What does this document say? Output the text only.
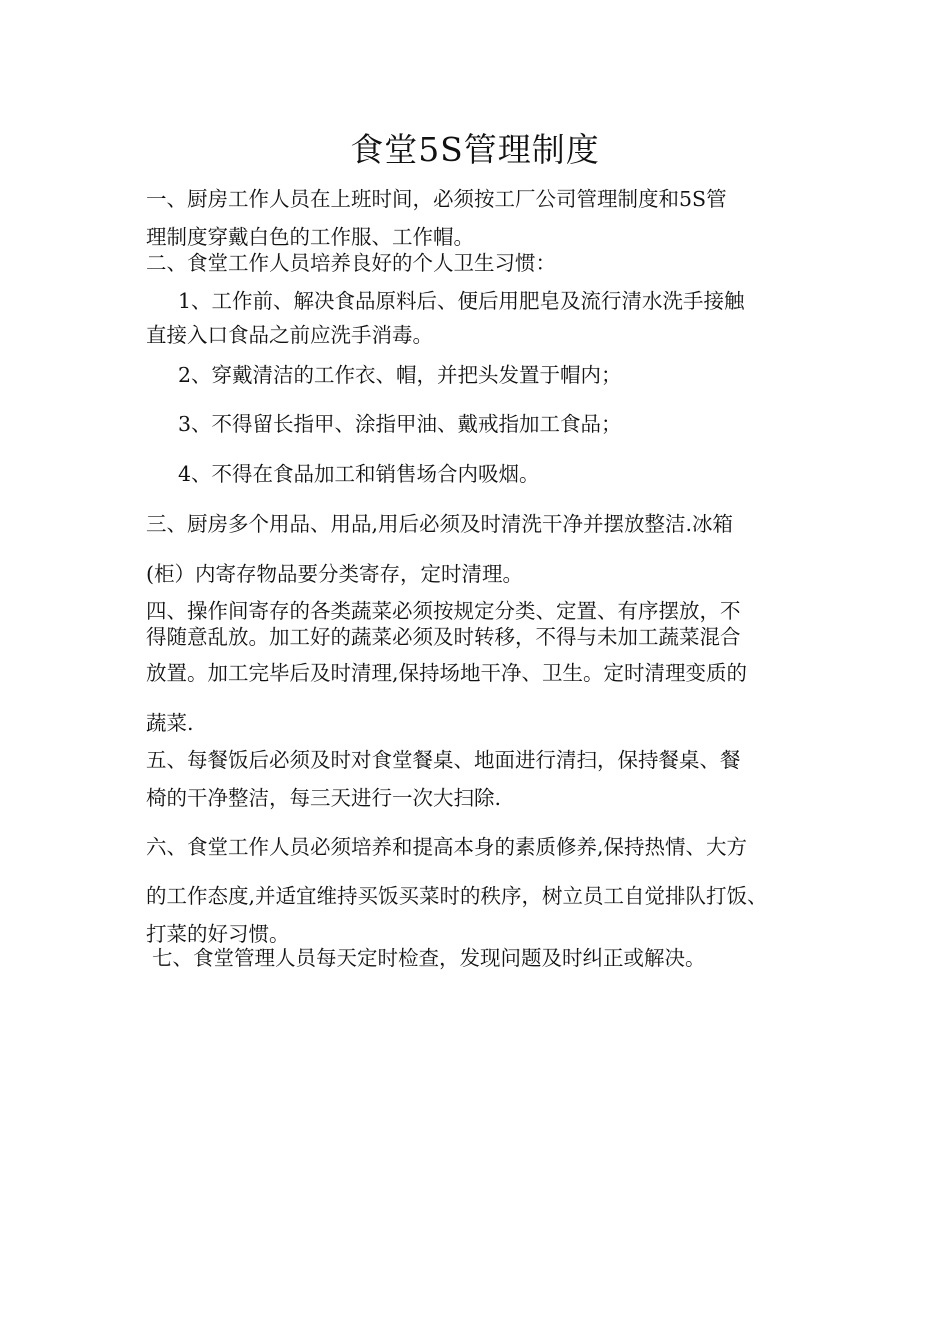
食堂5S管理制度
一、厨房工作人员在上班时间，必须按工厂公司管理制度和5S管
理制度穿戴白色的工作服、工作帽。
二、食堂工作人员培养良好的个人卫生习惯：
1、工作前、解决食品原料后、便后用肥皂及流行清水洗手接触
直接入口食品之前应洗手消毒。
2、穿戴清洁的工作衣、帽，并把头发置于帽内；
3、不得留长指甲、涂指甲油、戴戒指加工食品；
4、不得在食品加工和销售场合内吸烟。
三、厨房多个用品、用品,用后必须及时清洗干净并摆放整洁.冰箱
(柜）内寄存物品要分类寄存，定时清理。
四、操作间寄存的各类蔬菜必须按规定分类、定置、有序摆放，不
得随意乱放。加工好的蔬菜必须及时转移，不得与未加工蔬菜混合
放置。加工完毕后及时清理,保持场地干净、卫生。定时清理变质的
蔬菜.
五、每餐饭后必须及时对食堂餐桌、地面进行清扫，保持餐桌、餐
椅的干净整洁，每三天进行一次大扫除.
六、食堂工作人员必须培养和提高本身的素质修养,保持热情、大方
的工作态度,并适宜维持买饭买菜时的秩序，树立员工自觉排队打饭、
打菜的好习惯。
七、食堂管理人员每天定时检查，发现问题及时纠正或解决。
